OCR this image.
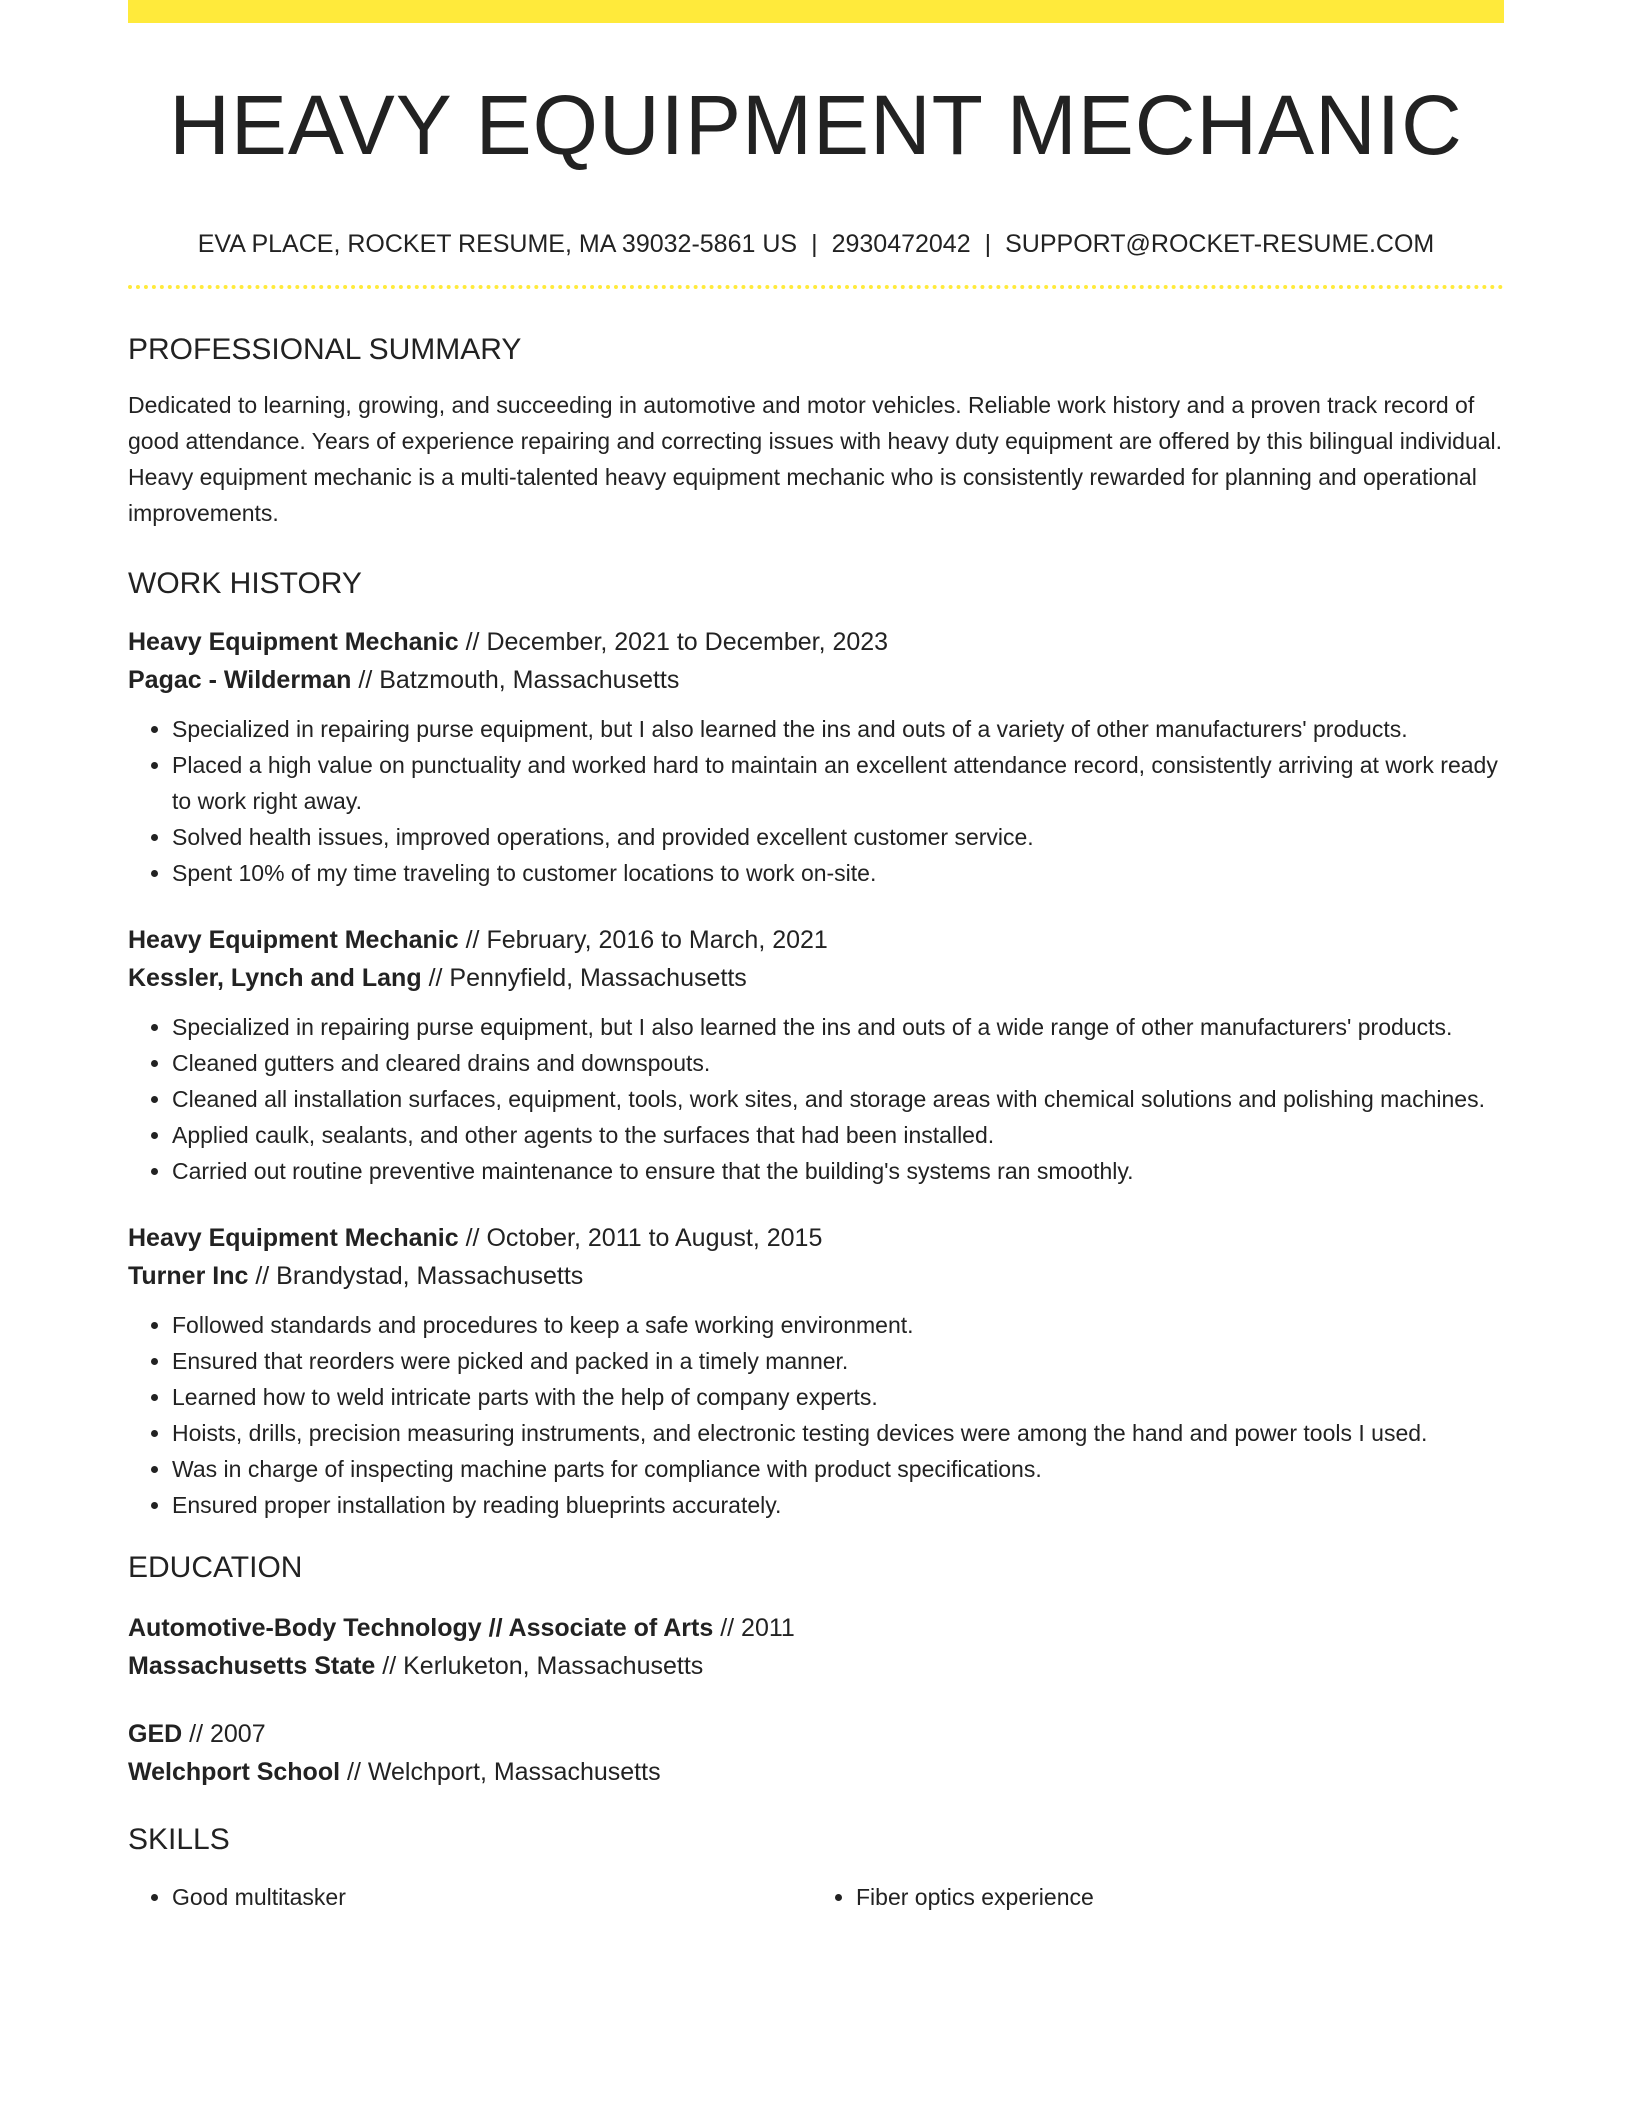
HEAVY EQUIPMENT MECHANIC
EVA PLACE, ROCKET RESUME, MA 39032-5861 US | 2930472042 | SUPPORT@ROCKET-RESUME.COM
PROFESSIONAL SUMMARY

Dedicated to learning, growing, and succeeding in automotive and motor vehicles. Reliable work history and a proven track record of good attendance. Years of experience repairing and correcting issues with heavy duty equipment are offered by this bilingual individual. Heavy equipment mechanic is a multi-talented heavy equipment mechanic who is consistently rewarded for planning and operational improvements.

WORK HISTORY
Heavy Equipment Mechanic // December, 2021 to December, 2023
Pagac - Wilderman // Batzmouth, Massachusetts
• Specialized in repairing purse equipment, but I also learned the ins and outs of a variety of other manufacturers' products.
• Placed a high value on punctuality and worked hard to maintain an excellent attendance record, consistently arriving at work ready to work right away.
• Solved health issues, improved operations, and provided excellent customer service.
• Spent 10% of my time traveling to customer locations to work on-site.
Heavy Equipment Mechanic // February, 2016 to March, 2021
Kessler, Lynch and Lang // Pennyfield, Massachusetts
• Specialized in repairing purse equipment, but I also learned the ins and outs of a wide range of other manufacturers' products.
• Cleaned gutters and cleared drains and downspouts.
• Cleaned all installation surfaces, equipment, tools, work sites, and storage areas with chemical solutions and polishing machines.
• Applied caulk, sealants, and other agents to the surfaces that had been installed.
• Carried out routine preventive maintenance to ensure that the building's systems ran smoothly.
Heavy Equipment Mechanic // October, 2011 to August, 2015
Turner Inc // Brandystad, Massachusetts
• Followed standards and procedures to keep a safe working environment.
• Ensured that reorders were picked and packed in a timely manner.
• Learned how to weld intricate parts with the help of company experts.
• Hoists, drills, precision measuring instruments, and electronic testing devices were among the hand and power tools I used.
• Was in charge of inspecting machine parts for compliance with product specifications.
• Ensured proper installation by reading blueprints accurately.
EDUCATION
Automotive-Body Technology // Associate of Arts // 2011
Massachusetts State // Kerluketon, Massachusetts
GED // 2007
Welchport School // Welchport, Massachusetts
SKILLS
• Good multitasker
•	Fiber optics experience
